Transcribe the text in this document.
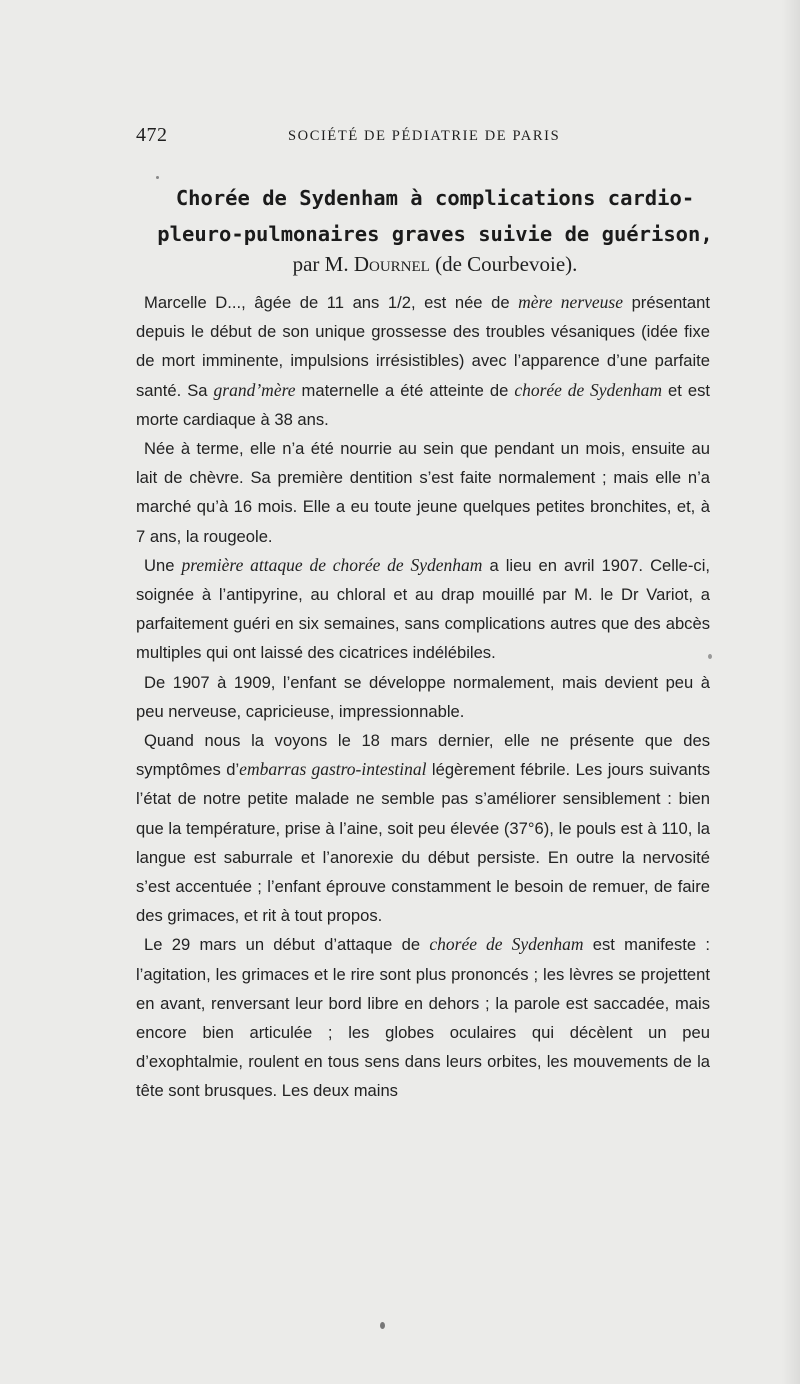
472	SOCIÉTÉ DE PÉDIATRIE DE PARIS
Chorée de Sydenham à complications cardio-pleuro-pulmonaires graves suivie de guérison,
par M. Dournel (de Courbevoie).

Marcelle D..., âgée de 11 ans 1/2, est née de mère nerveuse présentant depuis le début de son unique grossesse des troubles vésaniques (idée fixe de mort imminente, impulsions irrésistibles) avec l’apparence d’une parfaite santé. Sa grand’mère maternelle a été atteinte de chorée de Sydenham et est morte cardiaque à 38 ans.

Née à terme, elle n’a été nourrie au sein que pendant un mois, ensuite au lait de chèvre. Sa première dentition s’est faite normalement ; mais elle n’a marché qu’à 16 mois. Elle a eu toute jeune quelques petites bronchites, et, à 7 ans, la rougeole.

Une première attaque de chorée de Sydenham a lieu en avril 1907. Celle-ci, soignée à l’antipyrine, au chloral et au drap mouillé par M. le Dr Variot, a parfaitement guéri en six semaines, sans complications autres que des abcès multiples qui ont laissé des cicatrices indélébiles.

De 1907 à 1909, l’enfant se développe normalement, mais devient peu à peu nerveuse, capricieuse, impressionnable.

Quand nous la voyons le 18 mars dernier, elle ne présente que des symptômes d’embarras gastro-intestinal légèrement fébrile. Les jours suivants l’état de notre petite malade ne semble pas s’améliorer sensiblement : bien que la température, prise à l’aine, soit peu élevée (37°6), le pouls est à 110, la langue est saburrale et l’anorexie du début persiste. En outre la nervosité s’est accentuée ; l’enfant éprouve constamment le besoin de remuer, de faire des grimaces, et rit à tout propos.

Le 29 mars un début d’attaque de chorée de Sydenham est manifeste : l’agitation, les grimaces et le rire sont plus prononcés ; les lèvres se projettent en avant, renversant leur bord libre en dehors ; la parole est saccadée, mais encore bien articulée ; les globes oculaires qui décèlent un peu d’exophtalmie, roulent en tous sens dans leurs orbites, les mouvements de la tête sont brusques. Les deux mains
